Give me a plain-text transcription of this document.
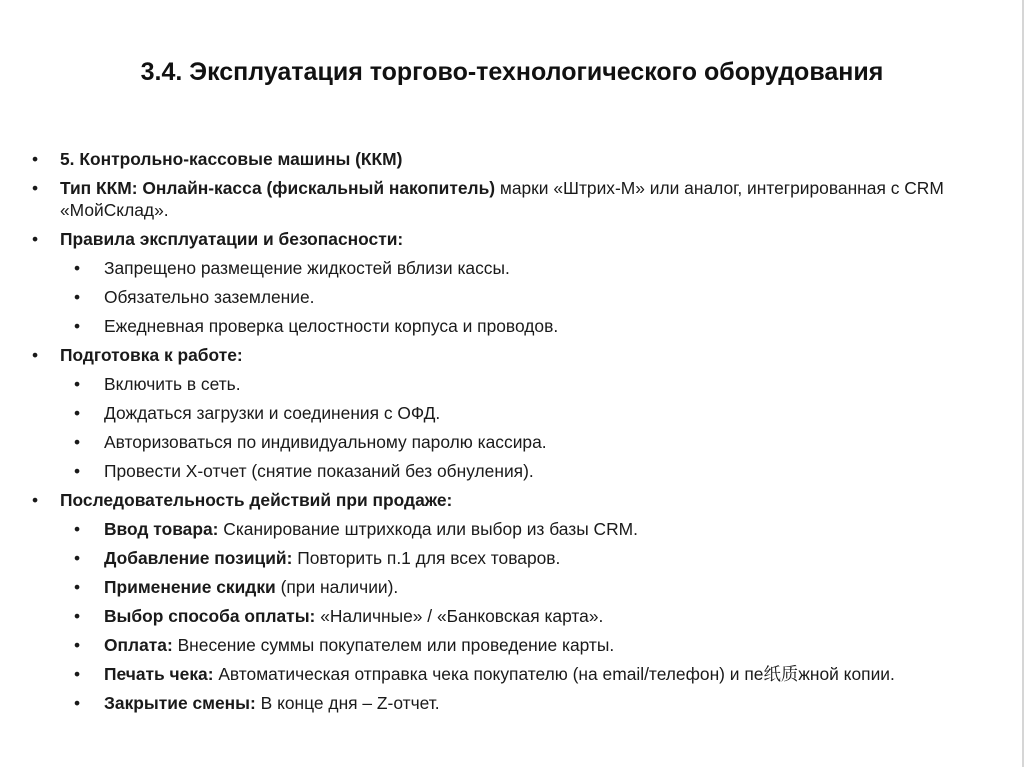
3.4. Эксплуатация торгово-технологического оборудования
• 5. Контрольно-кассовые машины (ККМ)
• Тип ККМ: Онлайн-касса (фискальный накопитель) марки «Штрих-М» или аналог, интегрированная с CRM «МойСклад».
• Правила эксплуатации и безопасности:
• Запрещено размещение жидкостей вблизи кассы.
• Обязательно заземление.
• Ежедневная проверка целостности корпуса и проводов.
• Подготовка к работе:
• Включить в сеть.
• Дождаться загрузки и соединения с ОФД.
• Авторизоваться по индивидуальному паролю кассира.
• Провести X-отчет (снятие показаний без обнуления).
• Последовательность действий при продаже:
• Ввод товара: Сканирование штрихкода или выбор из базы CRM.
• Добавление позиций: Повторить п.1 для всех товаров.
• Применение скидки (при наличии).
• Выбор способа оплаты: «Наличные» / «Банковская карта».
• Оплата: Внесение суммы покупателем или проведение карты.
• Печать чека: Автоматическая отправка чека покупателю (на email/телефон) и пе纸质жной копии.
• Закрытие смены: В конце дня – Z-отчет.
